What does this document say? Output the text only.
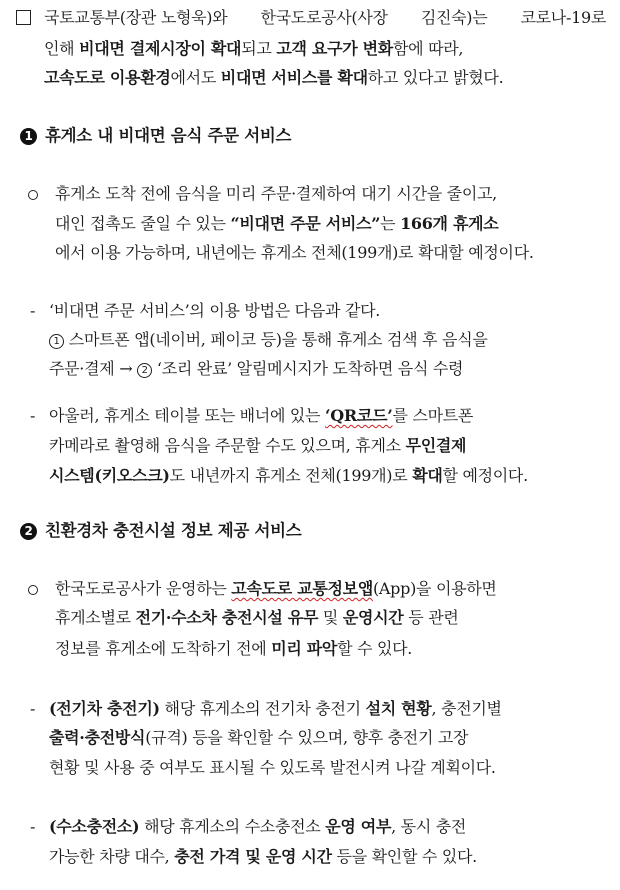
국토교통부(장관 노형욱)와 한국도로공사(사장 김진숙)는 코로나-19로
인해 비대면 결제시장이 확대되고 고객 요구가 변화함에 따라,
고속도로 이용환경에서도 비대면 서비스를 확대하고 있다고 밝혔다.
1 휴게소 내 비대면 음식 주문 서비스
휴게소 도착 전에 음식을 미리 주문·결제하여 대기 시간을 줄이고,
대인 접촉도 줄일 수 있는 “비대면 주문 서비스”는 166개 휴게소
에서 이용 가능하며, 내년에는 휴게소 전체(199개)로 확대할 예정이다.
- ‘비대면 주문 서비스’의 이용 방법은 다음과 같다.
1 스마트폰 앱(네이버, 페이코 등)을 통해 휴게소 검색 후 음식을
주문·결제 → 2 ‘조리 완료’ 알림메시지가 도착하면 음식 수령
- 아울러, 휴게소 테이블 또는 배너에 있는 ‘QR코드’를 스마트폰
카메라로 촬영해 음식을 주문할 수도 있으며, 휴게소 무인결제
시스템(키오스크)도 내년까지 휴게소 전체(199개)로 확대할 예정이다.
2 친환경차 충전시설 정보 제공 서비스
한국도로공사가 운영하는 고속도로 교통정보앱(App)을 이용하면
휴게소별로 전기·수소차 충전시설 유무 및 운영시간 등 관련
정보를 휴게소에 도착하기 전에 미리 파악할 수 있다.
- (전기차 충전기) 해당 휴게소의 전기차 충전기 설치 현황, 충전기별
출력·충전방식(규격) 등을 확인할 수 있으며, 향후 충전기 고장
현황 및 사용 중 여부도 표시될 수 있도록 발전시켜 나갈 계획이다.
- (수소충전소) 해당 휴게소의 수소충전소 운영 여부, 동시 충전
가능한 차량 대수, 충전 가격 및 운영 시간 등을 확인할 수 있다.
